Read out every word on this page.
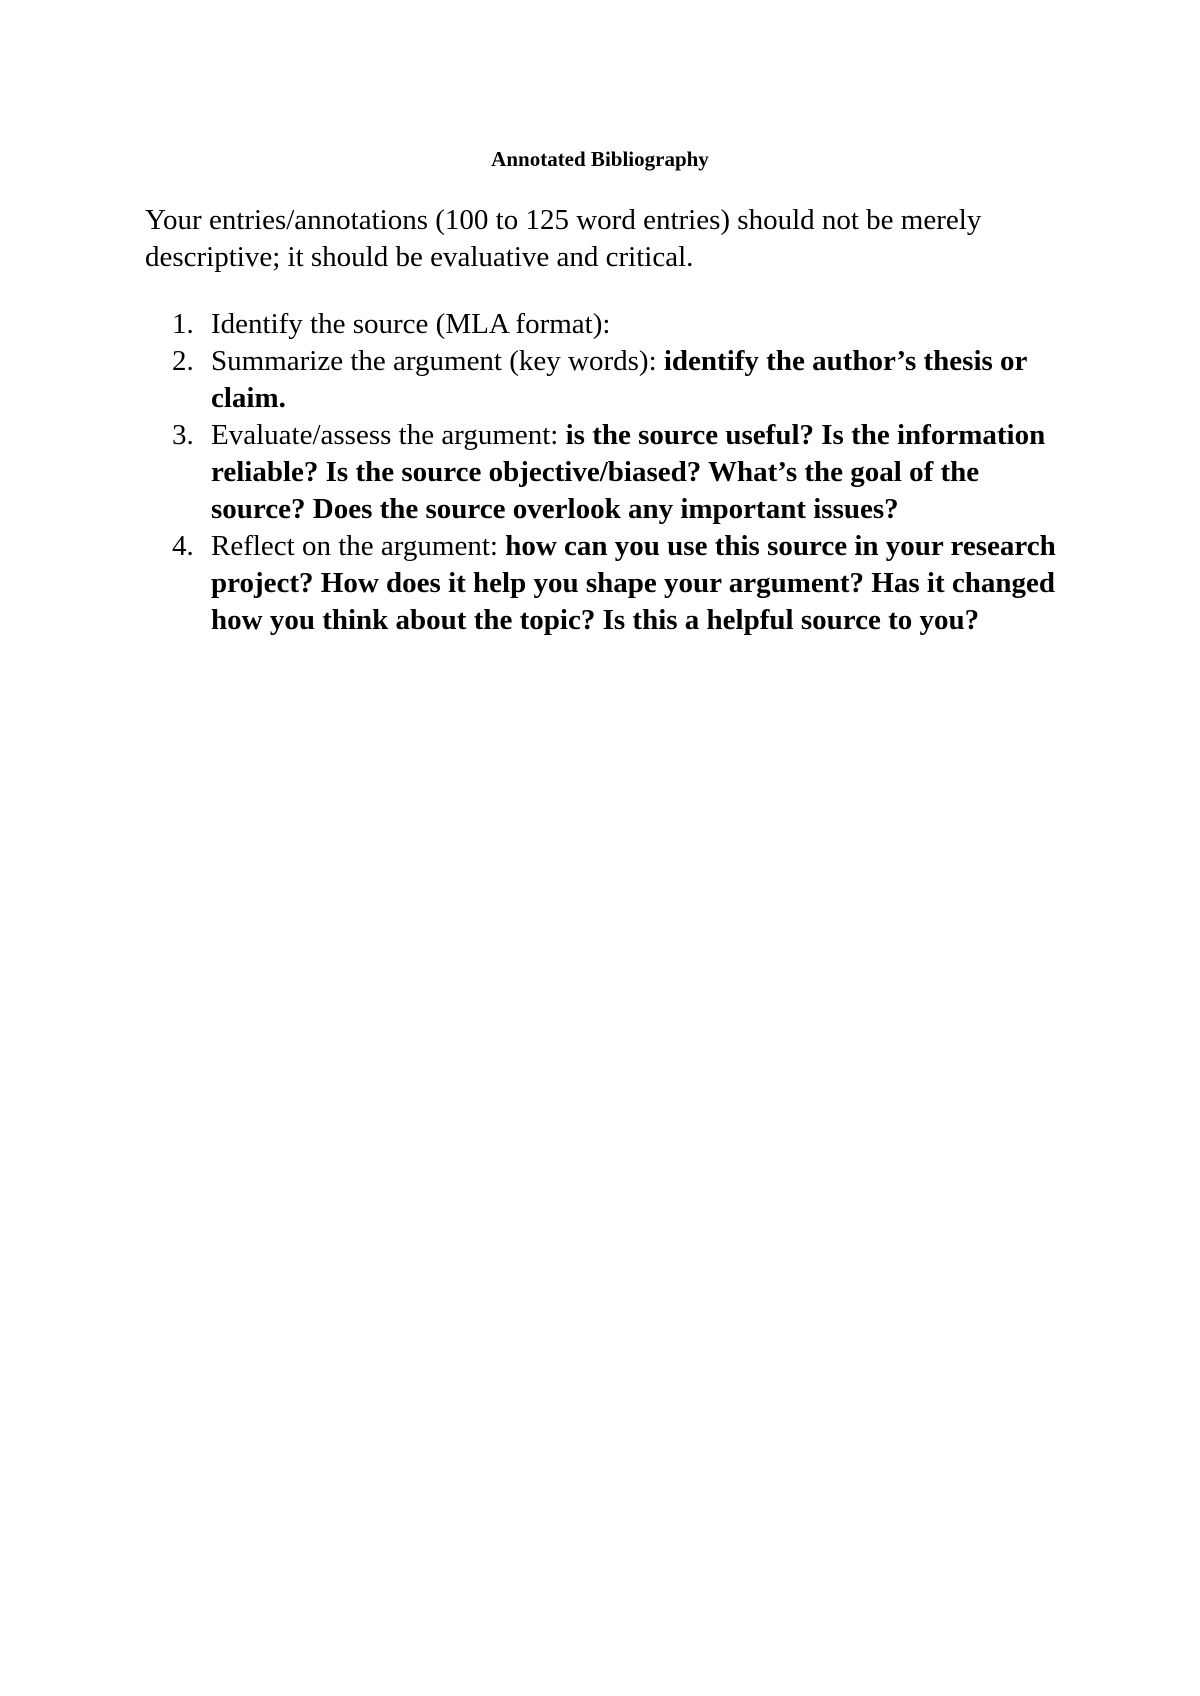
Annotated Bibliography

Your entries/annotations (100 to 125 word entries) should not be merely descriptive; it should be evaluative and critical.

1. Identify the source (MLA format):
2. Summarize the argument (key words): identify the author’s thesis or claim.
3. Evaluate/assess the argument: is the source useful? Is the information reliable? Is the source objective/biased? What’s the goal of the source? Does the source overlook any important issues?
4. Reflect on the argument: how can you use this source in your research project? How does it help you shape your argument? Has it changed how you think about the topic? Is this a helpful source to you?
